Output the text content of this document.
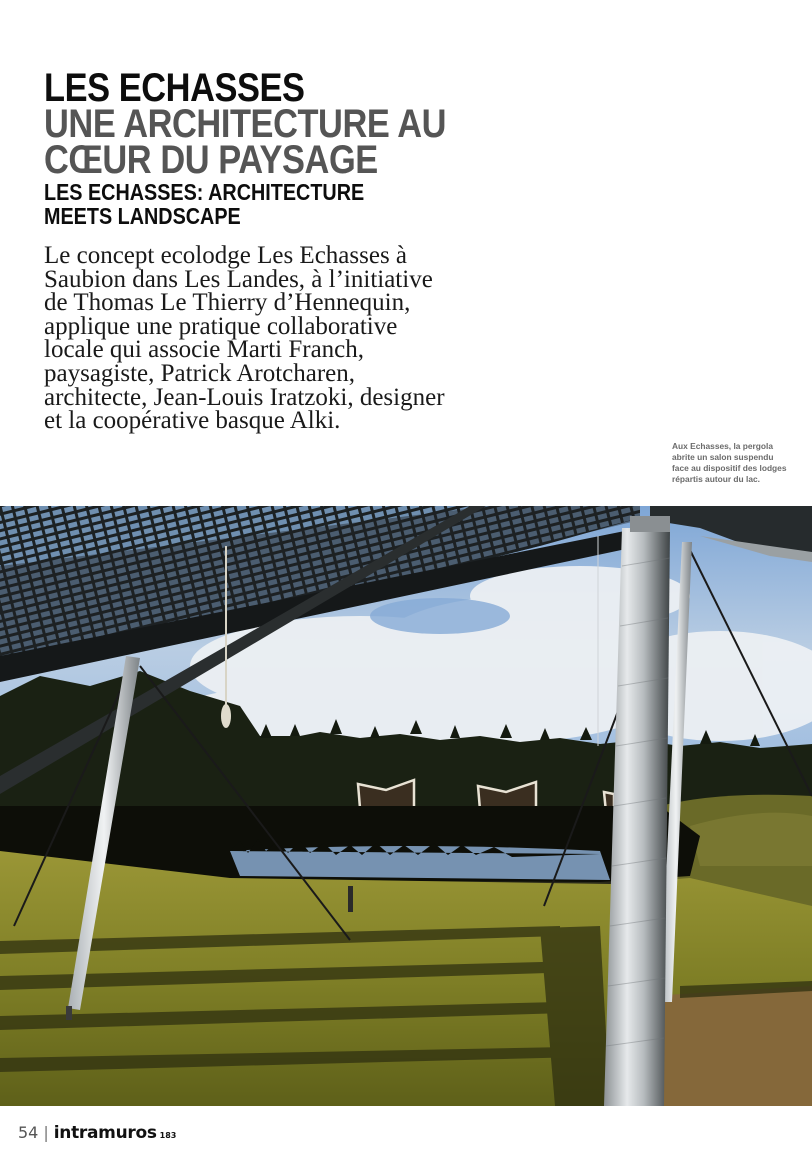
LES ECHASSES
UNE ARCHITECTURE AU
CŒUR DU PAYSAGE
LES ECHASSES: ARCHITECTURE
MEETS LANDSCAPE
Le concept ecolodge Les Echasses à
Saubion dans Les Landes, à l’initiative
de Thomas Le Thierry d’Hennequin,
applique une pratique collaborative
locale qui associe Marti Franch,
paysagiste, Patrick Arotcharen,
architecte, Jean-Louis Iratzoki, designer
et la coopérative basque Alki.
Aux Echasses, la pergola
abrite un salon suspendu
face au dispositif des lodges
répartis autour du lac.
54 | intramuros 183
